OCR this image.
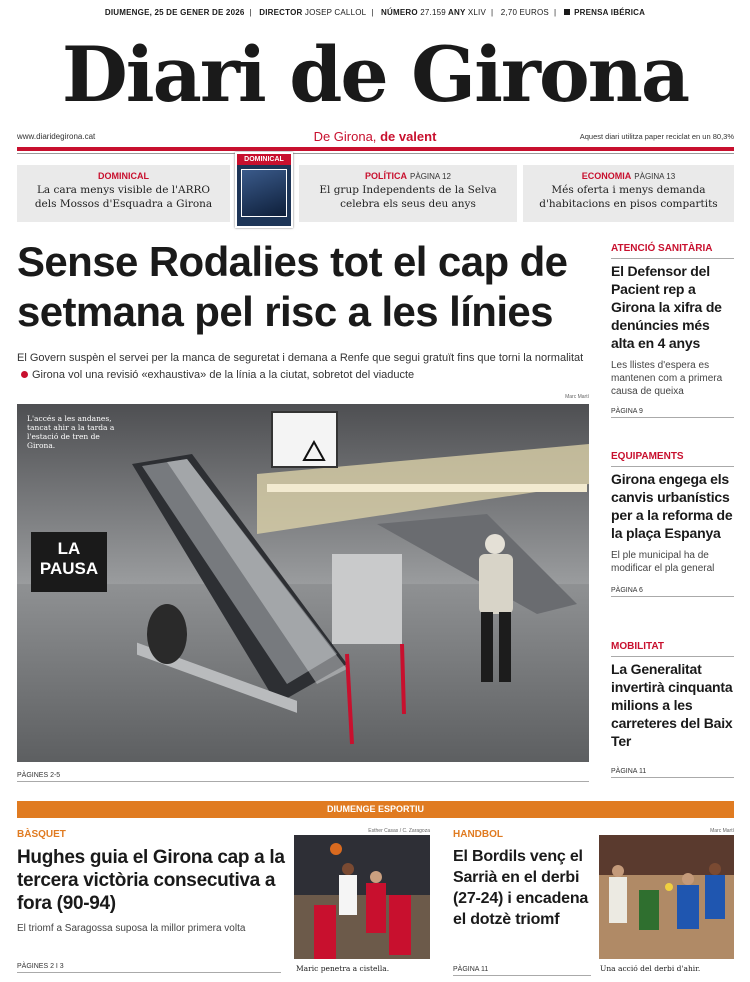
DIUMENGE, 25 DE GENER DE 2026 | DIRECTOR JOSEP CALLOL | NÚMERO 27.159 ANY XLIV | 2,70 EUROS | PRENSA IBÉRICA
Diari de Girona
www.diaridegirona.cat	De Girona, de valent	Aquest diari utilitza paper reciclat en un 80,3%
DOMINICAL
La cara menys visible de l'ARRO
dels Mossos d'Esquadra a Girona
DOMINICAL
POLÍTICA PÀGINA 12
El grup Independents de la Selva
celebra els seus deu anys
ECONOMIA PÀGINA 13
Més oferta i menys demanda
d'habitacions en pisos compartits
Sense Rodalies tot el cap de setmana pel risc a les línies
El Govern suspèn el servei per la manca de seguretat i demana a Renfe que segui gratuït fins que torni la normalitatGirona vol una revisió «exhaustiva» de la línia a la ciutat, sobretot del viaducte
Marc Martí
L'accés a les andanes, tancat ahir a la tarda a l'estació de tren de Girona.
LA PAUSA
PÀGINES 2-5
ATENCIÓ SANITÀRIA
El Defensor del Pacient rep a Girona la xifra de denúncies més alta en 4 anys
Les llistes d'espera es mantenen com a primera causa de queixa
PÀGINA 9
EQUIPAMENTS
Girona engega els canvis urbanístics per a la reforma de la plaça Espanya
El ple municipal ha de modificar el pla general
PÀGINA 6
MOBILITAT
La Generalitat invertirà cinquanta milions a les carreteres del Baix Ter
PÀGINA 11
DIUMENGE ESPORTIU
BÀSQUET
Hughes guia el Girona cap a la tercera victòria consecutiva a fora (90-94)
El triomf a Saragossa suposa la millor primera volta
PÀGINES 2 I 3
Esther Casas / C. Zaragoza
Maric penetra a cistella.
HANDBOL
El Bordils venç el Sarrià en el derbi (27-24) i encadena el dotzè triomf
PÀGINA 11
Marc Martí
Una acció del derbi d'ahir.
